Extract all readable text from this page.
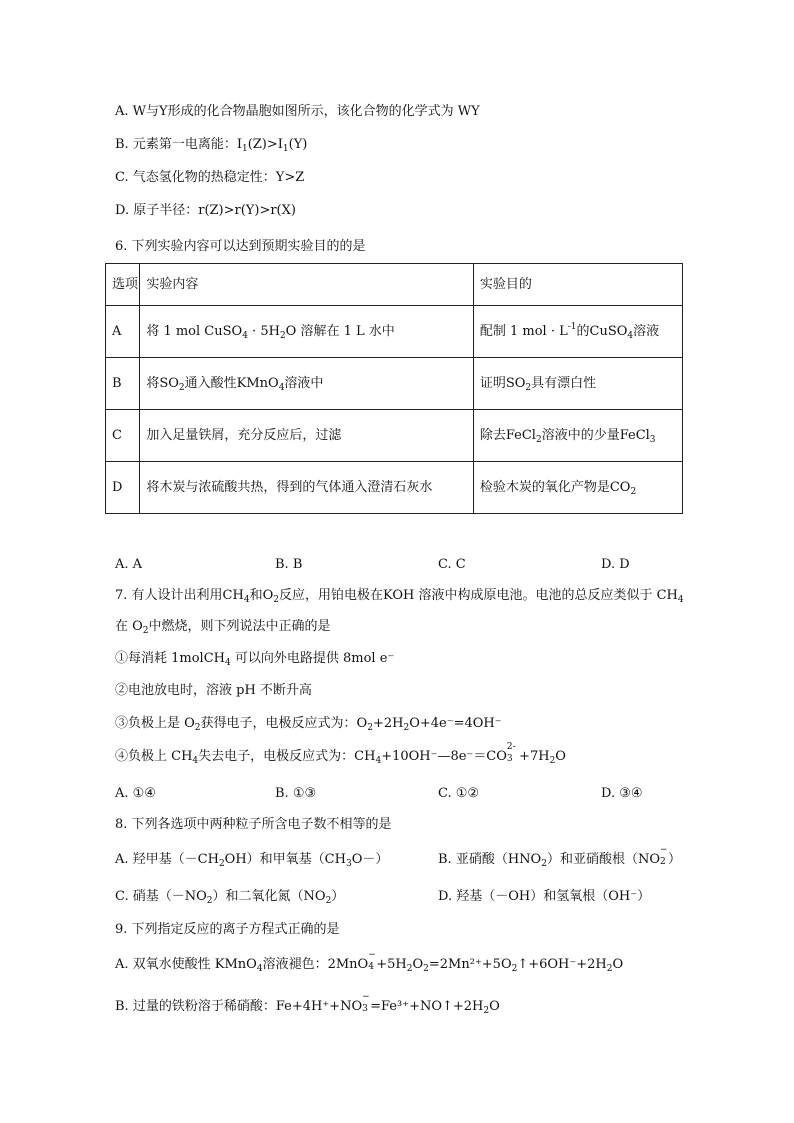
A. W与Y形成的化合物晶胞如图所示，该化合物的化学式为 WY
B. 元素第一电离能：$I_1(Z)>I_1(Y)$
C. 气态氢化物的热稳定性：Y>Z
D. 原子半径：r(Z)>r(Y)>r(X)
6. 下列实验内容可以达到预期实验目的的是
选项	实验内容	实验目的
A	将 1 mol CuSO$_4$ · $5H_2O$ 溶解在 1 L 水中	配制 1 mol · $L^{-1}$的CuSO$_4$溶液
B	将$SO_2$通入酸性KMnO$_4$溶液中	证明$SO_2$具有漂白性
C	加入足量铁屑，充分反应后，过滤	除去FeCl$_2$溶液中的少量FeCl$_3$
D	将木炭与浓硫酸共热，得到的气体通入澄清石灰水	检验木炭的氧化产物是$CO_2$
A. A	B. B	C. C	D. D
7. 有人设计出利用$CH_4$和$O_2$反应，用铂电极在KOH 溶液中构成原电池。电池的总反应类似于 $CH_4$
在 $O_2$中燃烧，则下列说法中正确的是
①每消耗 1molCH$_4$ 可以向外电路提供 8mol e⁻
②电池放电时，溶液 pH 不断升高
③负极上是 $O_2$获得电子，电极反应式为：$O_2+2H_2O+4e^-=4OH^-$
④负极上 $CH_4$失去电子，电极反应式为：$CH_4+10OH^-—8e^-=CO$
2-
$3 +7H_2O$
A. ①④	B. ①③	C. ①②	D. ③④
8. 下列各选项中两种粒子所含电子数不相等的是
A. 羟甲基$(-CH_2OH)$和甲氧基$(CH_3O-)$	B. 亚硝酸$(HNO_2)$和亚硝酸根（NO
−
2 ）
C. 硝基$(-NO_2)$和二氧化氮$(NO_2)$	D. 羟基（－OH）和氢氧根（OH⁻）
9. 下列指定反应的离子方程式正确的是
A. 双氧水使酸性 KMnO$_4$溶液褪色：2MnO
−
$4 +5H_2O_2=2Mn^{2+}+5O_2↑+6OH^-+2H_2O$
B. 过量的铁粉溶于稀硝酸：Fe+4H⁺+NO
−
$3 =Fe^{3+}+NO↑+2H_2O$
